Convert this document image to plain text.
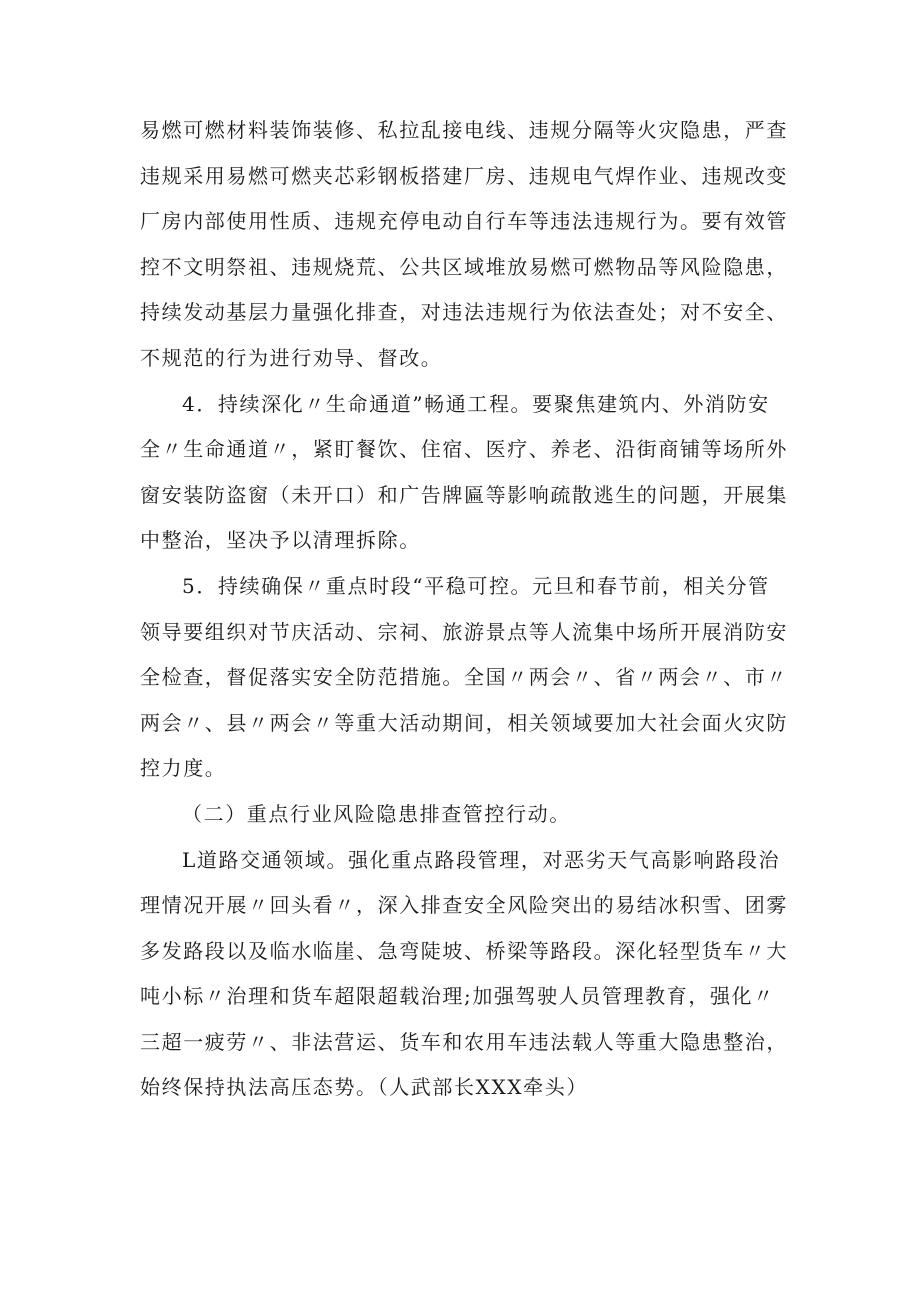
易燃可燃材料装饰装修、私拉乱接电线、违规分隔等火灾隐患，严查
违规采用易燃可燃夹芯彩钢板搭建厂房、违规电气焊作业、违规改变
厂房内部使用性质、违规充停电动自行车等违法违规行为。要有效管
控不文明祭祖、违规烧荒、公共区域堆放易燃可燃物品等风险隐患，
持续发动基层力量强化排查，对违法违规行为依法查处；对不安全、
不规范的行为进行劝导、督改。
4．持续深化〃生命通道”畅通工程。要聚焦建筑内、外消防安
全〃生命通道〃，紧盯餐饮、住宿、医疗、养老、沿街商铺等场所外
窗安装防盗窗（未开口）和广告牌匾等影响疏散逃生的问题，开展集
中整治，坚决予以清理拆除。
5．持续确保〃重点时段“平稳可控。元旦和春节前，相关分管
领导要组织对节庆活动、宗祠、旅游景点等人流集中场所开展消防安
全检查，督促落实安全防范措施。全国〃两会〃、省〃两会〃、市〃
两会〃、县〃两会〃等重大活动期间，相关领域要加大社会面火灾防
控力度。
（二）重点行业风险隐患排查管控行动。
L道路交通领域。强化重点路段管理，对恶劣天气高影响路段治
理情况开展〃回头看〃，深入排查安全风险突出的易结冰积雪、团雾
多发路段以及临水临崖、急弯陡坡、桥梁等路段。深化轻型货车〃大
吨小标〃治理和货车超限超载治理;加强驾驶人员管理教育，强化〃
三超一疲劳〃、非法营运、货车和农用车违法载人等重大隐患整治，
始终保持执法高压态势。（人武部长XXX牵头）
